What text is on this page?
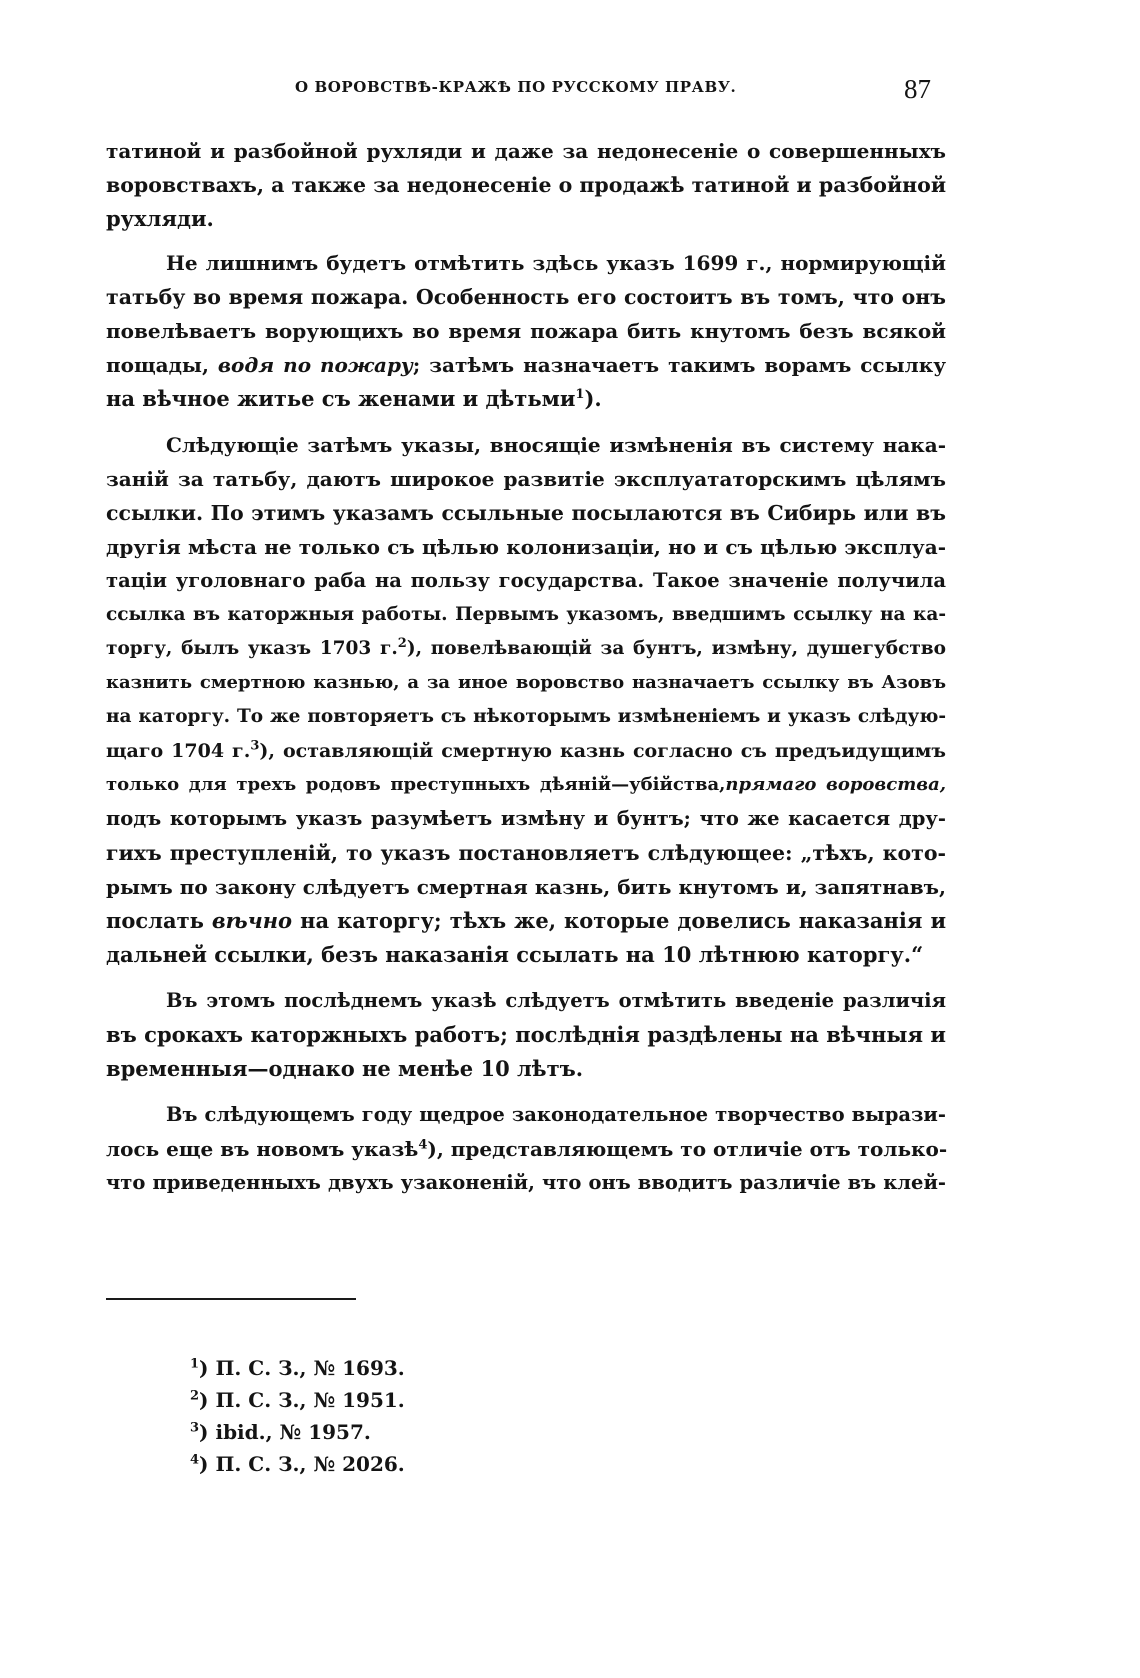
О ВОРОВСТВѢ-КРАЖѢ ПО РУССКОМУ ПРАВУ.	87
татиной и разбойной рухляди и даже за недонесеніе о совершенныхъ
воровствахъ, а также за недонесеніе о продажѣ татиной и разбойной
рухляди.
Не лишнимъ будетъ отмѣтить здѣсь указъ 1699 г., нормирующій
татьбу во время пожара. Особенность его состоитъ въ томъ, что онъ
повелѣваетъ ворующихъ во время пожара бить кнутомъ безъ всякой
пощады, водя по пожару; затѣмъ назначаетъ такимъ ворамъ ссылку
на вѣчное житье съ женами и дѣтьми$^1$).
Слѣдующіе затѣмъ указы, вносящіе измѣненія въ систему нака-
заній за татьбу, даютъ широкое развитіе эксплуататорскимъ цѣлямъ
ссылки. По этимъ указамъ ссыльные посылаются въ Сибирь или въ
другія мѣста не только съ цѣлью колонизаціи, но и съ цѣлью эксплуа-
таціи уголовнаго раба на пользу государства. Такое значеніе получила
ссылка въ каторжныя работы. Первымъ указомъ, введшимъ ссылку на ка-
торгу, былъ указъ 1703 г.$^2$), повелѣвающій за бунтъ, измѣну, душегубство
казнить смертною казнью, а за иное воровство назначаетъ ссылку въ Азовъ
на каторгу. То же повторяетъ съ нѣкоторымъ измѣненіемъ и указъ слѣдую-
щаго 1704 г.$^3$), оставляющій смертную казнь согласно съ предъидущимъ
только для трехъ родовъ преступныхъ дѣяній—убійства,прямаго воровства,
подъ которымъ указъ разумѣетъ измѣну и бунтъ; что же касается дру-
гихъ преступленій, то указъ постановляетъ слѣдующее: „тѣхъ, кото-
рымъ по закону слѣдуетъ смертная казнь, бить кнутомъ и, запятнавъ,
послать вѣчно на каторгу; тѣхъ же, которые довелись наказанія и
дальней ссылки, безъ наказанія ссылать на 10 лѣтнюю каторгу.“
Въ этомъ послѣднемъ указѣ слѣдуетъ отмѣтить введеніе различія
въ срокахъ каторжныхъ работъ; послѣднія раздѣлены на вѣчныя и
временныя—однако не менѣе 10 лѣтъ.
Въ слѣдующемъ году щедрое законодательное творчество вырази-
лось еще въ новомъ указѣ$^4$), представляющемъ то отличіе отъ только-
что приведенныхъ двухъ узаконеній, что онъ вводитъ различіе въ клей-
$^1$) П. С. З., № 1693.
$^2$) П. С. З., № 1951.
$^3$) ibid., № 1957.
$^4$) П. С. З., № 2026.
